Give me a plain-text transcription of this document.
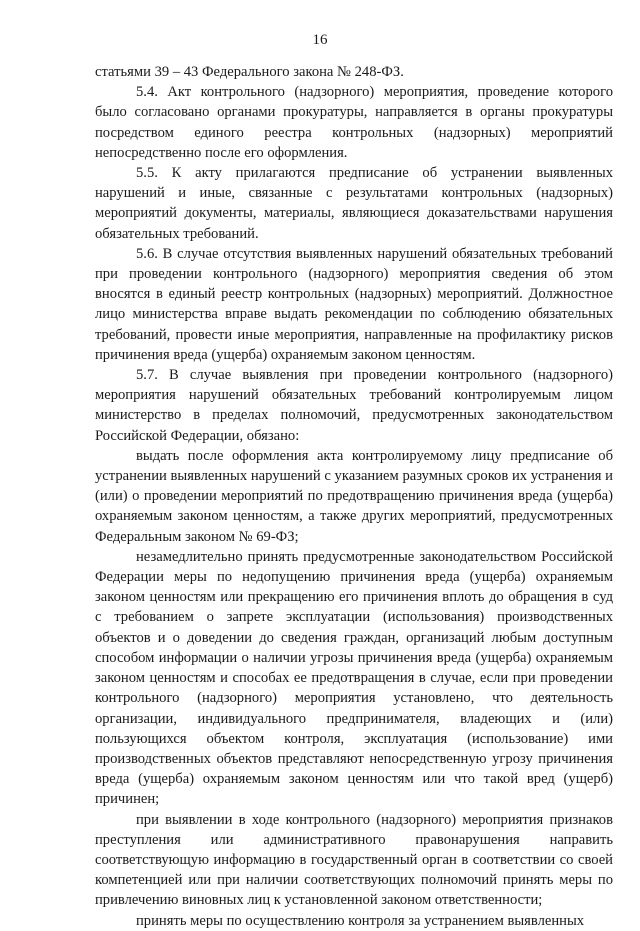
16

статьями 39 – 43 Федерального закона № 248-ФЗ.

5.4. Акт контрольного (надзорного) мероприятия, проведение которого было согласовано органами прокуратуры, направляется в органы прокуратуры посредством единого реестра контрольных (надзорных) мероприятий непосредственно после его оформления.

5.5. К акту прилагаются предписание об устранении выявленных нарушений и иные, связанные с результатами контрольных (надзорных) мероприятий документы, материалы, являющиеся доказательствами нарушения обязательных требований.

5.6. В случае отсутствия выявленных нарушений обязательных требований при проведении контрольного (надзорного) мероприятия сведения об этом вносятся в единый реестр контрольных (надзорных) мероприятий. Должностное лицо министерства вправе выдать рекомендации по соблюдению обязательных требований, провести иные мероприятия, направленные на профилактику рисков причинения вреда (ущерба) охраняемым законом ценностям.

5.7. В случае выявления при проведении контрольного (надзорного) мероприятия нарушений обязательных требований контролируемым лицом министерство в пределах полномочий, предусмотренных законодательством Российской Федерации, обязано:

выдать после оформления акта контролируемому лицу предписание об устранении выявленных нарушений с указанием разумных сроков их устранения и (или) о проведении мероприятий по предотвращению причинения вреда (ущерба) охраняемым законом ценностям, а также других мероприятий, предусмотренных Федеральным законом № 69-ФЗ;

незамедлительно принять предусмотренные законодательством Российской Федерации меры по недопущению причинения вреда (ущерба) охраняемым законом ценностям или прекращению его причинения вплоть до обращения в суд с требованием о запрете эксплуатации (использования) производственных объектов и о доведении до сведения граждан, организаций любым доступным способом информации о наличии угрозы причинения вреда (ущерба) охраняемым законом ценностям и способах ее предотвращения в случае, если при проведении контрольного (надзорного) мероприятия установлено, что деятельность организации, индивидуального предпринимателя, владеющих и (или) пользующихся объектом контроля, эксплуатация (использование) ими производственных объектов представляют непосредственную угрозу причинения вреда (ущерба) охраняемым законом ценностям или что такой вред (ущерб) причинен;

при выявлении в ходе контрольного (надзорного) мероприятия признаков преступления или административного правонарушения направить соответствующую информацию в государственный орган в соответствии со своей компетенцией или при наличии соответствующих полномочий принять меры по привлечению виновных лиц к установленной законом ответственности;

принять меры по осуществлению контроля за устранением выявленных
